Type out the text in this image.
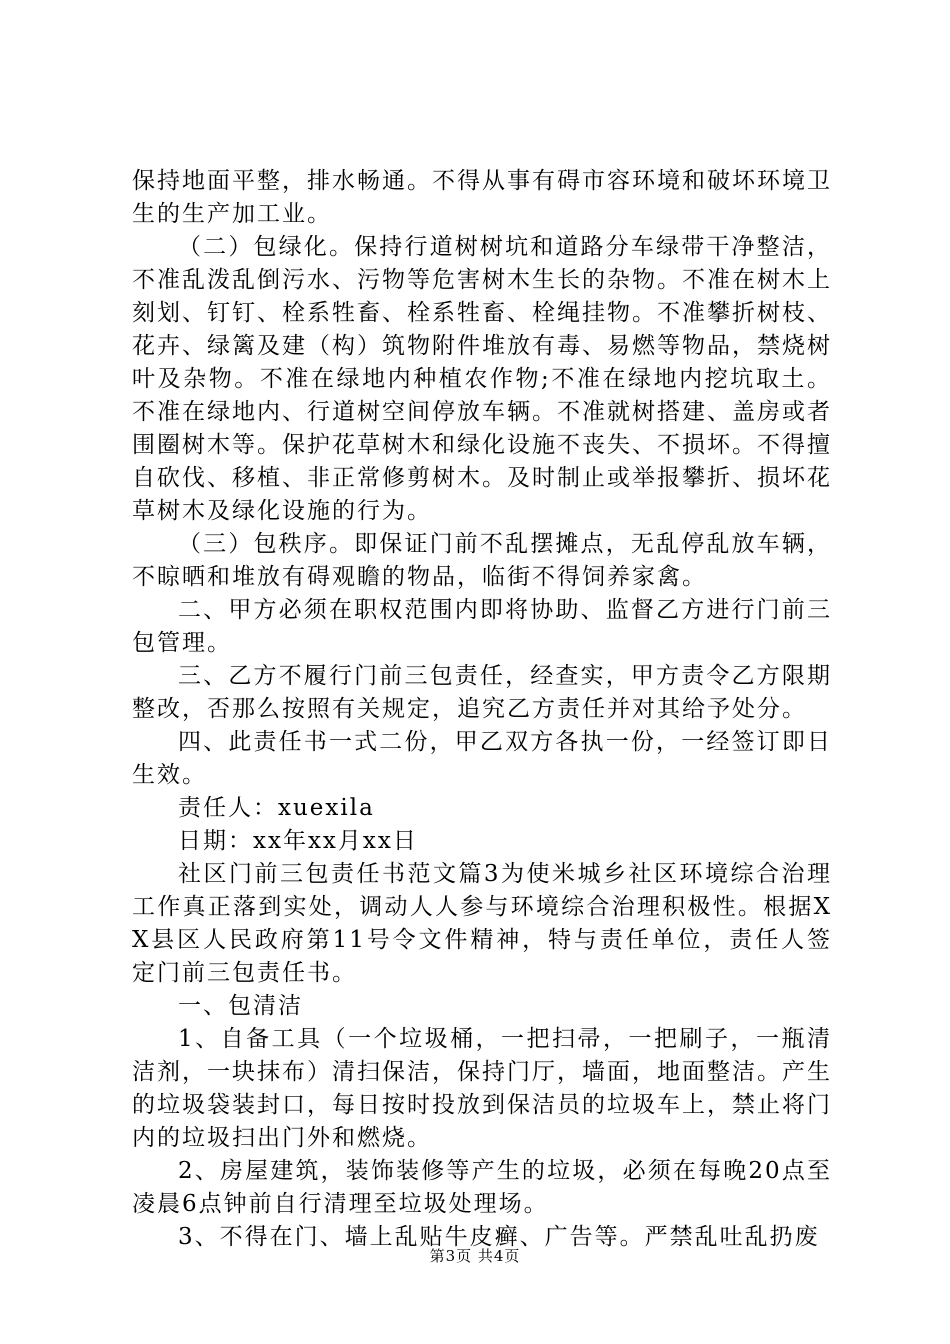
保持地面平整，排水畅通。不得从事有碍市容环境和破坏环境卫生的生产加工业。

（二）包绿化。保持行道树树坑和道路分车绿带干净整洁，不准乱泼乱倒污水、污物等危害树木生长的杂物。不准在树木上刻划、钉钉、栓系牲畜、栓系牲畜、栓绳挂物。不准攀折树枝、花卉、绿篱及建（构）筑物附件堆放有毒、易燃等物品，禁烧树叶及杂物。不准在绿地内种植农作物;不准在绿地内挖坑取土。不准在绿地内、行道树空间停放车辆。不准就树搭建、盖房或者围圈树木等。保护花草树木和绿化设施不丧失、不损坏。不得擅自砍伐、移植、非正常修剪树木。及时制止或举报攀折、损坏花草树木及绿化设施的行为。

（三）包秩序。即保证门前不乱摆摊点，无乱停乱放车辆，不晾晒和堆放有碍观瞻的物品，临街不得饲养家禽。

二、甲方必须在职权范围内即将协助、监督乙方进行门前三包管理。

三、乙方不履行门前三包责任，经查实，甲方责令乙方限期整改，否那么按照有关规定，追究乙方责任并对其给予处分。

四、此责任书一式二份，甲乙双方各执一份，一经签订即日生效。

责任人：xuexila

日期：xx年xx月xx日

社区门前三包责任书范文篇3为使米城乡社区环境综合治理工作真正落到实处，调动人人参与环境综合治理积极性。根据XX县区人民政府第11号令文件精神，特与责任单位，责任人签定门前三包责任书。

一、包清洁

1、自备工具（一个垃圾桶，一把扫帚，一把刷子，一瓶清洁剂，一块抹布）清扫保洁，保持门厅，墙面，地面整洁。产生的垃圾袋装封口，每日按时投放到保洁员的垃圾车上，禁止将门内的垃圾扫出门外和燃烧。

2、房屋建筑，装饰装修等产生的垃圾，必须在每晚20点至凌晨6点钟前自行清理至垃圾处理场。

3、不得在门、墙上乱贴牛皮癣、广告等。严禁乱吐乱扔废

第3页 共4页
